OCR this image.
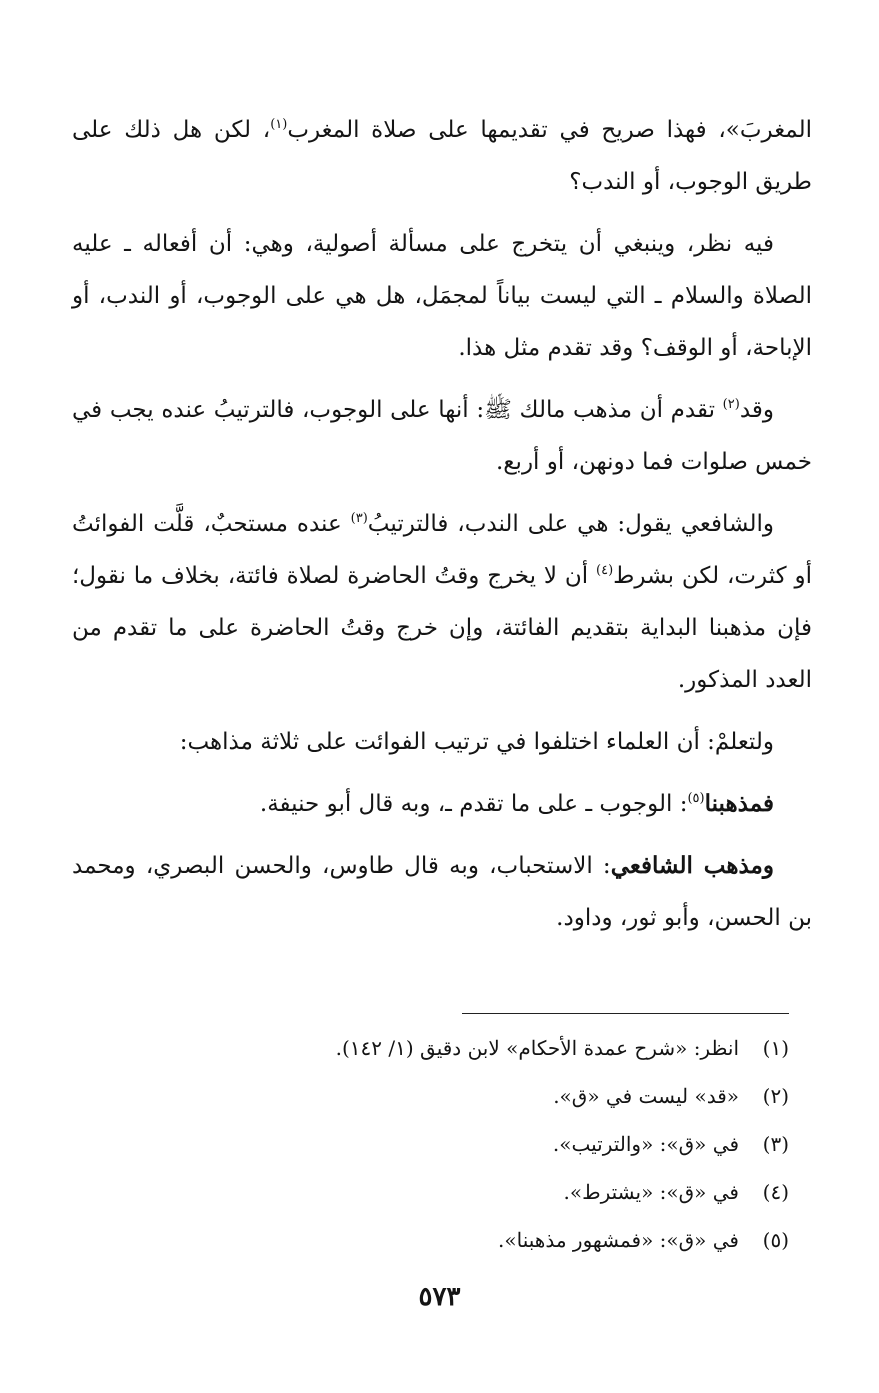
المغربَ»، فهذا صريح في تقديمها على صلاة المغرب$^{(١)}$، لكن هل ذلك على طريق الوجوب، أو الندب؟

فيه نظر، وينبغي أن يتخرج على مسألة أصولية، وهي: أن أفعاله ـ عليه الصلاة والسلام ـ التي ليست بياناً لمجمَل، هل هي على الوجوب، أو الندب، أو الإباحة، أو الوقف؟ وقد تقدم مثل هذا.

وقد$^{(٢)}$ تقدم أن مذهب مالك ﷺ: أنها على الوجوب، فالترتيبُ عنده يجب في خمس صلوات فما دونهن، أو أربع.

والشافعي يقول: هي على الندب، فالترتيبُ$^{(٣)}$ عنده مستحبٌ، قلَّت الفوائتُ أو كثرت، لكن بشرط$^{(٤)}$ أن لا يخرج وقتُ الحاضرة لصلاة فائتة، بخلاف ما نقول؛ فإن مذهبنا البداية بتقديم الفائتة، وإن خرج وقتُ الحاضرة على ما تقدم من العدد المذكور.

ولتعلمْ: أن العلماء اختلفوا في ترتيب الفوائت على ثلاثة مذاهب:

فمذهبنا$^{(٥)}$: الوجوب ـ على ما تقدم ـ، وبه قال أبو حنيفة.

ومذهب الشافعي: الاستحباب، وبه قال طاوس، والحسن البصري، ومحمد بن الحسن، وأبو ثور، وداود.

(١)
انظر: «شرح عمدة الأحكام» لابن دقيق (١/ ١٤٢).
(٢)
«قد» ليست في «ق».
(٣)
في «ق»: «والترتيب».
(٤)
في «ق»: «يشترط».
(٥)
في «ق»: «فمشهور مذهبنا».
٥٧٣
